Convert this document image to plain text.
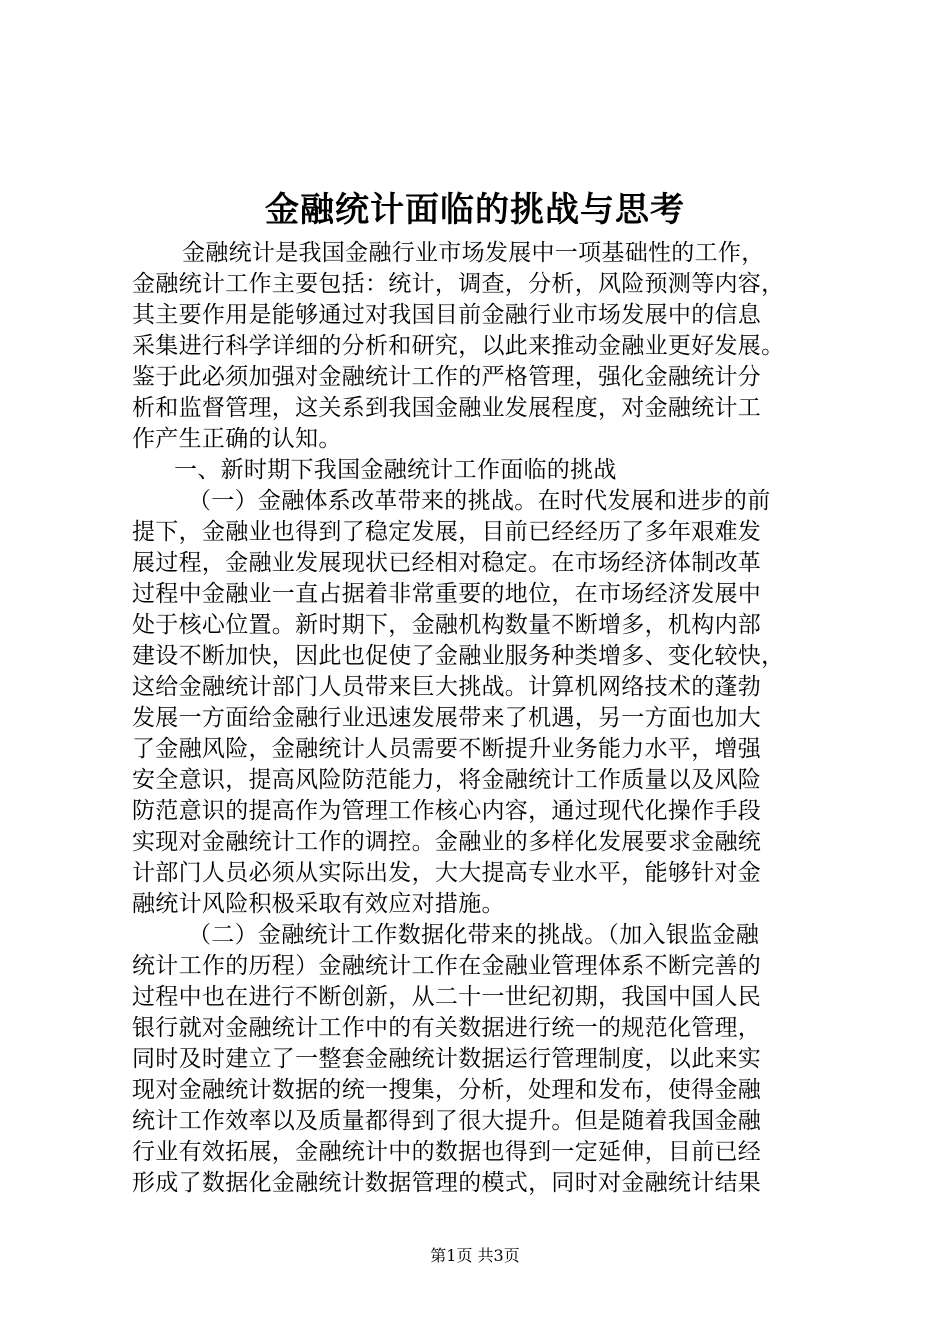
金融统计面临的挑战与思考
金融统计是我国金融行业市场发展中一项基础性的工作，
金融统计工作主要包括：统计，调查，分析，风险预测等内容，
其主要作用是能够通过对我国目前金融行业市场发展中的信息
采集进行科学详细的分析和研究，以此来推动金融业更好发展。
鉴于此必须加强对金融统计工作的严格管理，强化金融统计分
析和监督管理，这关系到我国金融业发展程度，对金融统计工
作产生正确的认知。
一、新时期下我国金融统计工作面临的挑战
（一）金融体系改革带来的挑战。在时代发展和进步的前
提下，金融业也得到了稳定发展，目前已经经历了多年艰难发
展过程，金融业发展现状已经相对稳定。在市场经济体制改革
过程中金融业一直占据着非常重要的地位，在市场经济发展中
处于核心位置。新时期下，金融机构数量不断增多，机构内部
建设不断加快，因此也促使了金融业服务种类增多、变化较快，
这给金融统计部门人员带来巨大挑战。计算机网络技术的蓬勃
发展一方面给金融行业迅速发展带来了机遇，另一方面也加大
了金融风险，金融统计人员需要不断提升业务能力水平，增强
安全意识，提高风险防范能力，将金融统计工作质量以及风险
防范意识的提高作为管理工作核心内容，通过现代化操作手段
实现对金融统计工作的调控。金融业的多样化发展要求金融统
计部门人员必须从实际出发，大大提高专业水平，能够针对金
融统计风险积极采取有效应对措施。
（二）金融统计工作数据化带来的挑战。（加入银监金融
统计工作的历程）金融统计工作在金融业管理体系不断完善的
过程中也在进行不断创新，从二十一世纪初期，我国中国人民
银行就对金融统计工作中的有关数据进行统一的规范化管理，
同时及时建立了一整套金融统计数据运行管理制度，以此来实
现对金融统计数据的统一搜集，分析，处理和发布，使得金融
统计工作效率以及质量都得到了很大提升。但是随着我国金融
行业有效拓展，金融统计中的数据也得到一定延伸，目前已经
形成了数据化金融统计数据管理的模式，同时对金融统计结果
第1页 共3页
